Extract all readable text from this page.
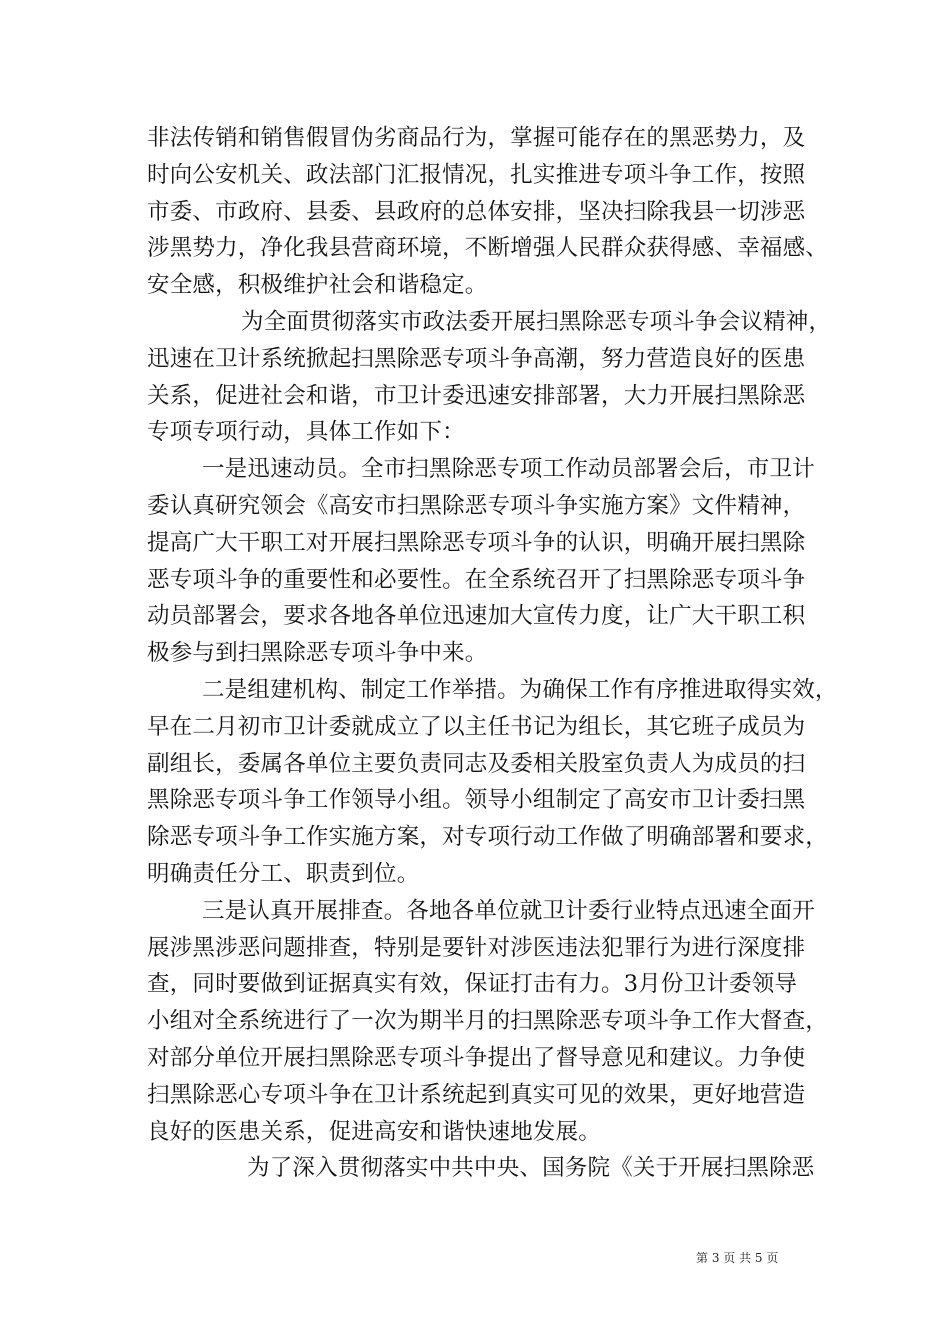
非法传销和销售假冒伪劣商品行为，掌握可能存在的黑恶势力，及
时向公安机关、政法部门汇报情况，扎实推进专项斗争工作，按照
市委、市政府、县委、县政府的总体安排，坚决扫除我县一切涉恶
涉黑势力，净化我县营商环境，不断增强人民群众获得感、幸福感、
安全感，积极维护社会和谐稳定。
为全面贯彻落实市政法委开展扫黑除恶专项斗争会议精神，
迅速在卫计系统掀起扫黑除恶专项斗争高潮，努力营造良好的医患
关系，促进社会和谐，市卫计委迅速安排部署，大力开展扫黑除恶
专项专项行动，具体工作如下：
一是迅速动员。全市扫黑除恶专项工作动员部署会后，市卫计
委认真研究领会《高安市扫黑除恶专项斗争实施方案》文件精神，
提高广大干职工对开展扫黑除恶专项斗争的认识，明确开展扫黑除
恶专项斗争的重要性和必要性。在全系统召开了扫黑除恶专项斗争
动员部署会，要求各地各单位迅速加大宣传力度，让广大干职工积
极参与到扫黑除恶专项斗争中来。
二是组建机构、制定工作举措。为确保工作有序推进取得实效，
早在二月初市卫计委就成立了以主任书记为组长，其它班子成员为
副组长，委属各单位主要负责同志及委相关股室负责人为成员的扫
黑除恶专项斗争工作领导小组。领导小组制定了高安市卫计委扫黑
除恶专项斗争工作实施方案，对专项行动工作做了明确部署和要求，
明确责任分工、职责到位。
三是认真开展排查。各地各单位就卫计委行业特点迅速全面开
展涉黑涉恶问题排查，特别是要针对涉医违法犯罪行为进行深度排
查，同时要做到证据真实有效，保证打击有力。3月份卫计委领导
小组对全系统进行了一次为期半月的扫黑除恶专项斗争工作大督查，
对部分单位开展扫黑除恶专项斗争提出了督导意见和建议。力争使
扫黑除恶心专项斗争在卫计系统起到真实可见的效果，更好地营造
良好的医患关系，促进高安和谐快速地发展。
为了深入贯彻落实中共中央、国务院《关于开展扫黑除恶
第 3 页 共 5 页
